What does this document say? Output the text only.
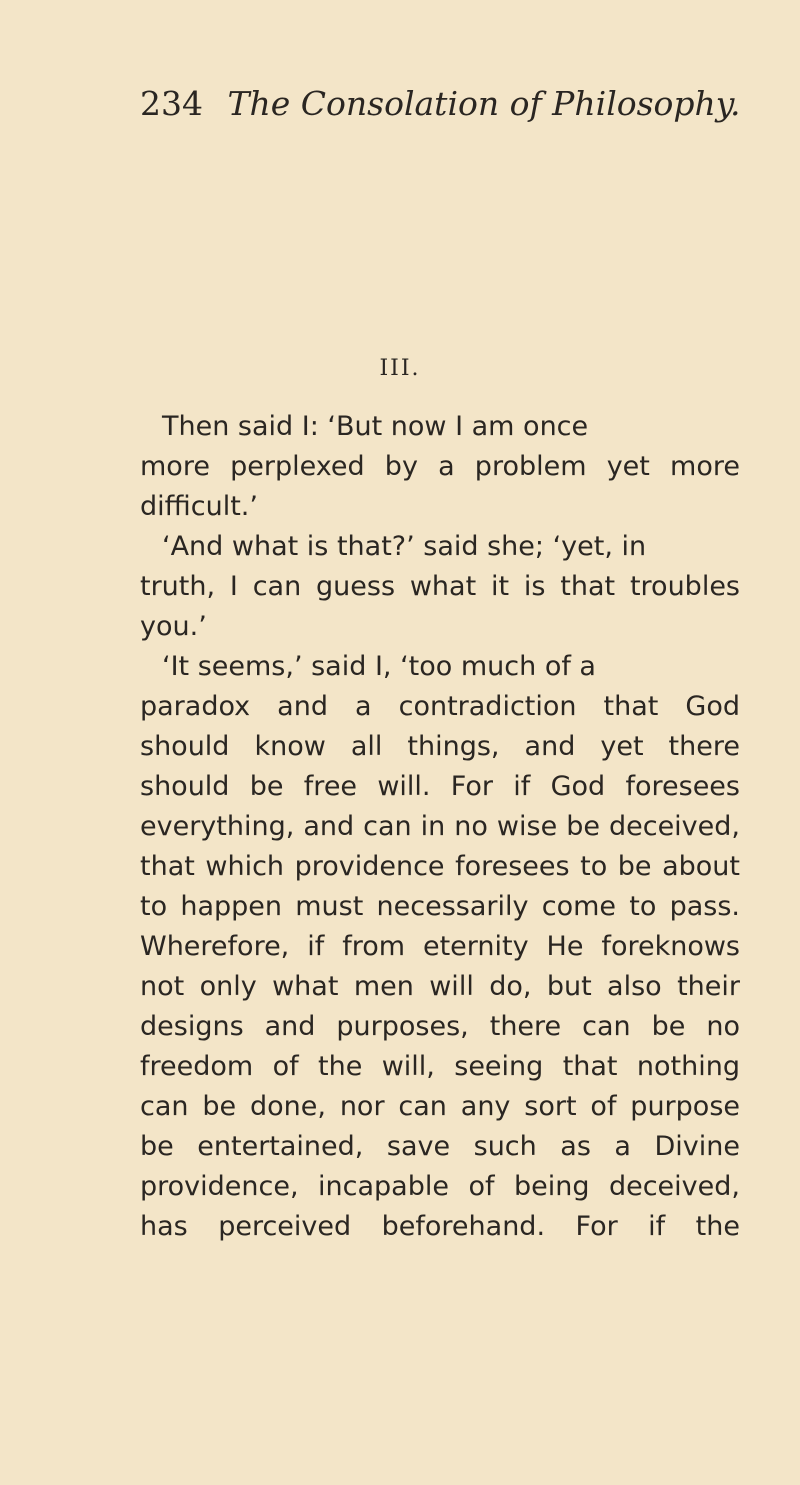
234 The Consolation of Philosophy.
III.
Then said I: ‘But now I am once
more perplexed by a problem yet more
difficult.’
‘And what is that?’ said she; ‘yet, in
truth, I can guess what it is that troubles
you.’
‘It seems,’ said I, ‘too much of a
paradox and a contradiction that God
should know all things, and yet there
should be free will. For if God foresees
everything, and can in no wise be deceived,
that which providence foresees to be about
to happen must necessarily come to pass.
Wherefore, if from eternity He foreknows
not only what men will do, but also their
designs and purposes, there can be no
freedom of the will, seeing that nothing
can be done, nor can any sort of purpose
be entertained, save such as a Divine
providence, incapable of being deceived,
has perceived beforehand. For if the
